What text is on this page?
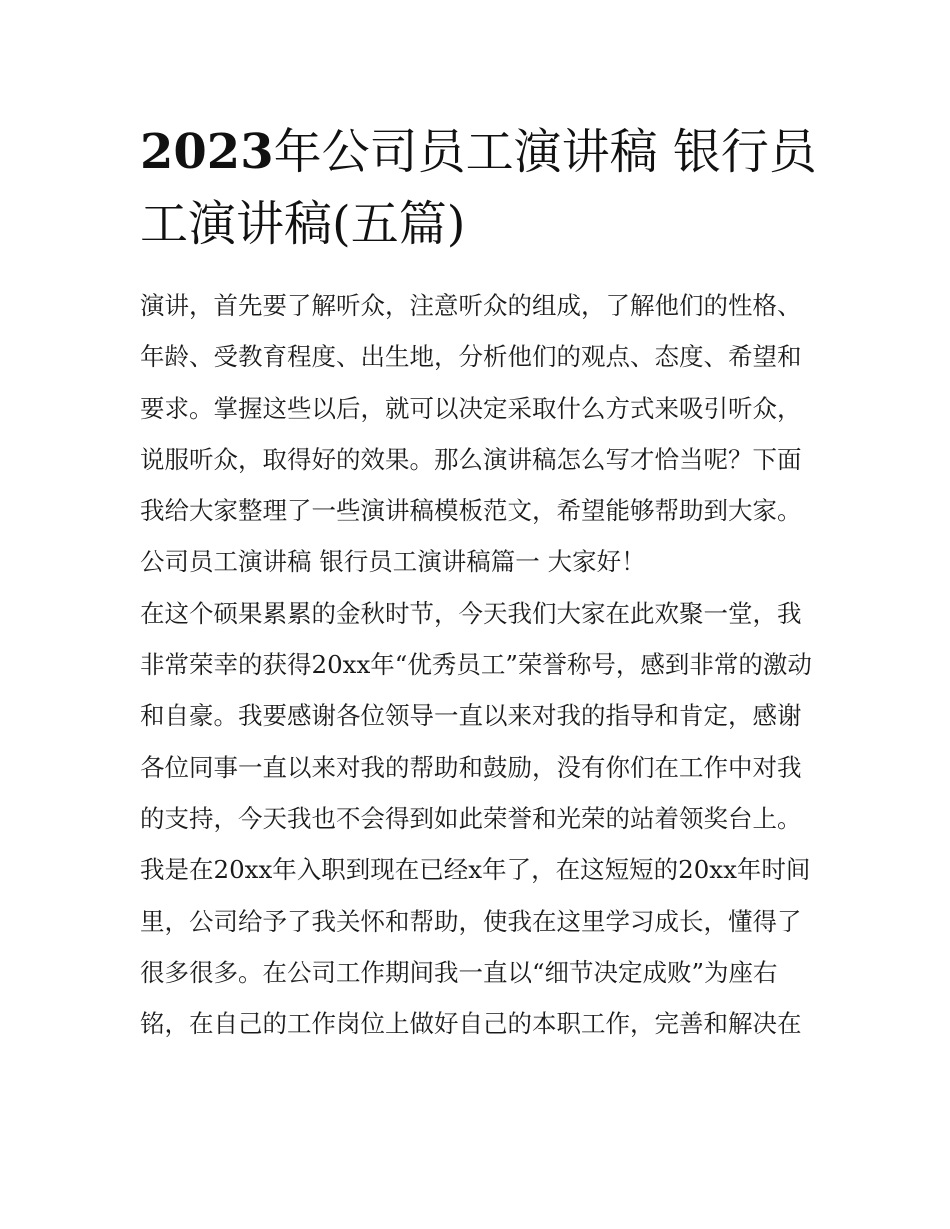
2023年公司员工演讲稿 银行员工演讲稿(五篇)

演讲，首先要了解听众，注意听众的组成，了解他们的性格、年龄、受教育程度、出生地，分析他们的观点、态度、希望和要求。掌握这些以后，就可以决定采取什么方式来吸引听众，说服听众，取得好的效果。那么演讲稿怎么写才恰当呢？下面我给大家整理了一些演讲稿模板范文，希望能够帮助到大家。

公司员工演讲稿 银行员工演讲稿篇一 大家好！

在这个硕果累累的金秋时节，今天我们大家在此欢聚一堂，我非常荣幸的获得20xx年“优秀员工”荣誉称号，感到非常的激动和自豪。我要感谢各位领导一直以来对我的指导和肯定，感谢各位同事一直以来对我的帮助和鼓励，没有你们在工作中对我的支持，今天我也不会得到如此荣誉和光荣的站着领奖台上。

我是在20xx年入职到现在已经x年了，在这短短的20xx年时间里，公司给予了我关怀和帮助，使我在这里学习成长，懂得了很多很多。在公司工作期间我一直以“细节决定成败”为座右铭，在自己的工作岗位上做好自己的本职工作，完善和解决在
